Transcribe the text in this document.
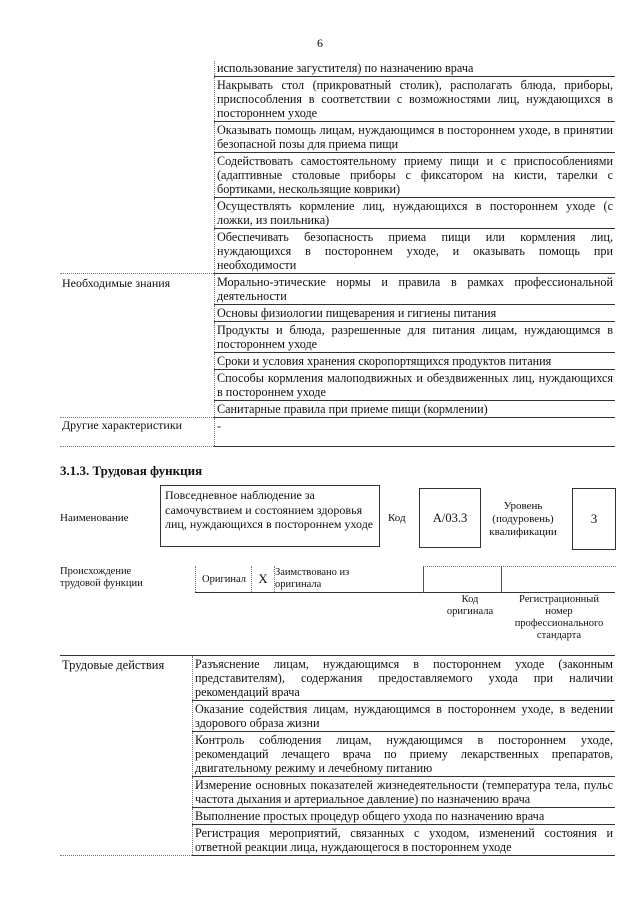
6
	использование загустителя) по назначению врача
	Накрывать стол (прикроватный столик), располагать блюда, приборы, приспособления в соответствии с возможностями лиц, нуждающихся в постороннем уходе
	Оказывать помощь лицам, нуждающимся в постороннем уходе, в принятии безопасной позы для приема пищи
	Содействовать самостоятельному приему пищи и с приспособлениями (адаптивные столовые приборы с фиксатором на кисти, тарелки с бортиками, нескользящие коврики)
	Осуществлять кормление лиц, нуждающихся в постороннем уходе (с ложки, из поильника)
	Обеспечивать безопасность приема пищи или кормления лиц, нуждающихся в постороннем уходе, и оказывать помощь при необходимости
Необходимые знания	Морально-этические нормы и правила в рамках профессиональной деятельности
	Основы физиологии пищеварения и гигиены питания
	Продукты и блюда, разрешенные для питания лицам, нуждающимся в постороннем уходе
	Сроки и условия хранения скоропортящихся продуктов питания
	Способы кормления малоподвижных и обездвиженных лиц, нуждающихся в постороннем уходе
	Санитарные правила при приеме пищи (кормлении)
Другие характеристики	-
3.1.3. Трудовая функция
Наименование
Повседневное наблюдение за самочувствием и состоянием здоровья лиц, нуждающихся в постороннем уходе	Код	A/03.3
Уровень (подуровень) квалификации
3
Происхождение трудовой функции	Оригинал X Заимствовано из оригинала
Код оригинала
Регистрационный номер профессионального стандарта
Трудовые действия	Разъяснение лицам, нуждающимся в постороннем уходе (законным представителям), содержания предоставляемого ухода при наличии рекомендаций врача
Оказание содействия лицам, нуждающимся в постороннем уходе, в ведении здорового образа жизни
Контроль соблюдения лицам, нуждающимся в постороннем уходе, рекомендаций лечащего врача по приему лекарственных препаратов, двигательному режиму и лечебному питанию
Измерение основных показателей жизнедеятельности (температура тела, пульс частота дыхания и артериальное давление) по назначению врача
Выполнение простых процедур общего ухода по назначению врача
Регистрация мероприятий, связанных с уходом, изменений состояния и ответной реакции лица, нуждающегося в постороннем уходе
